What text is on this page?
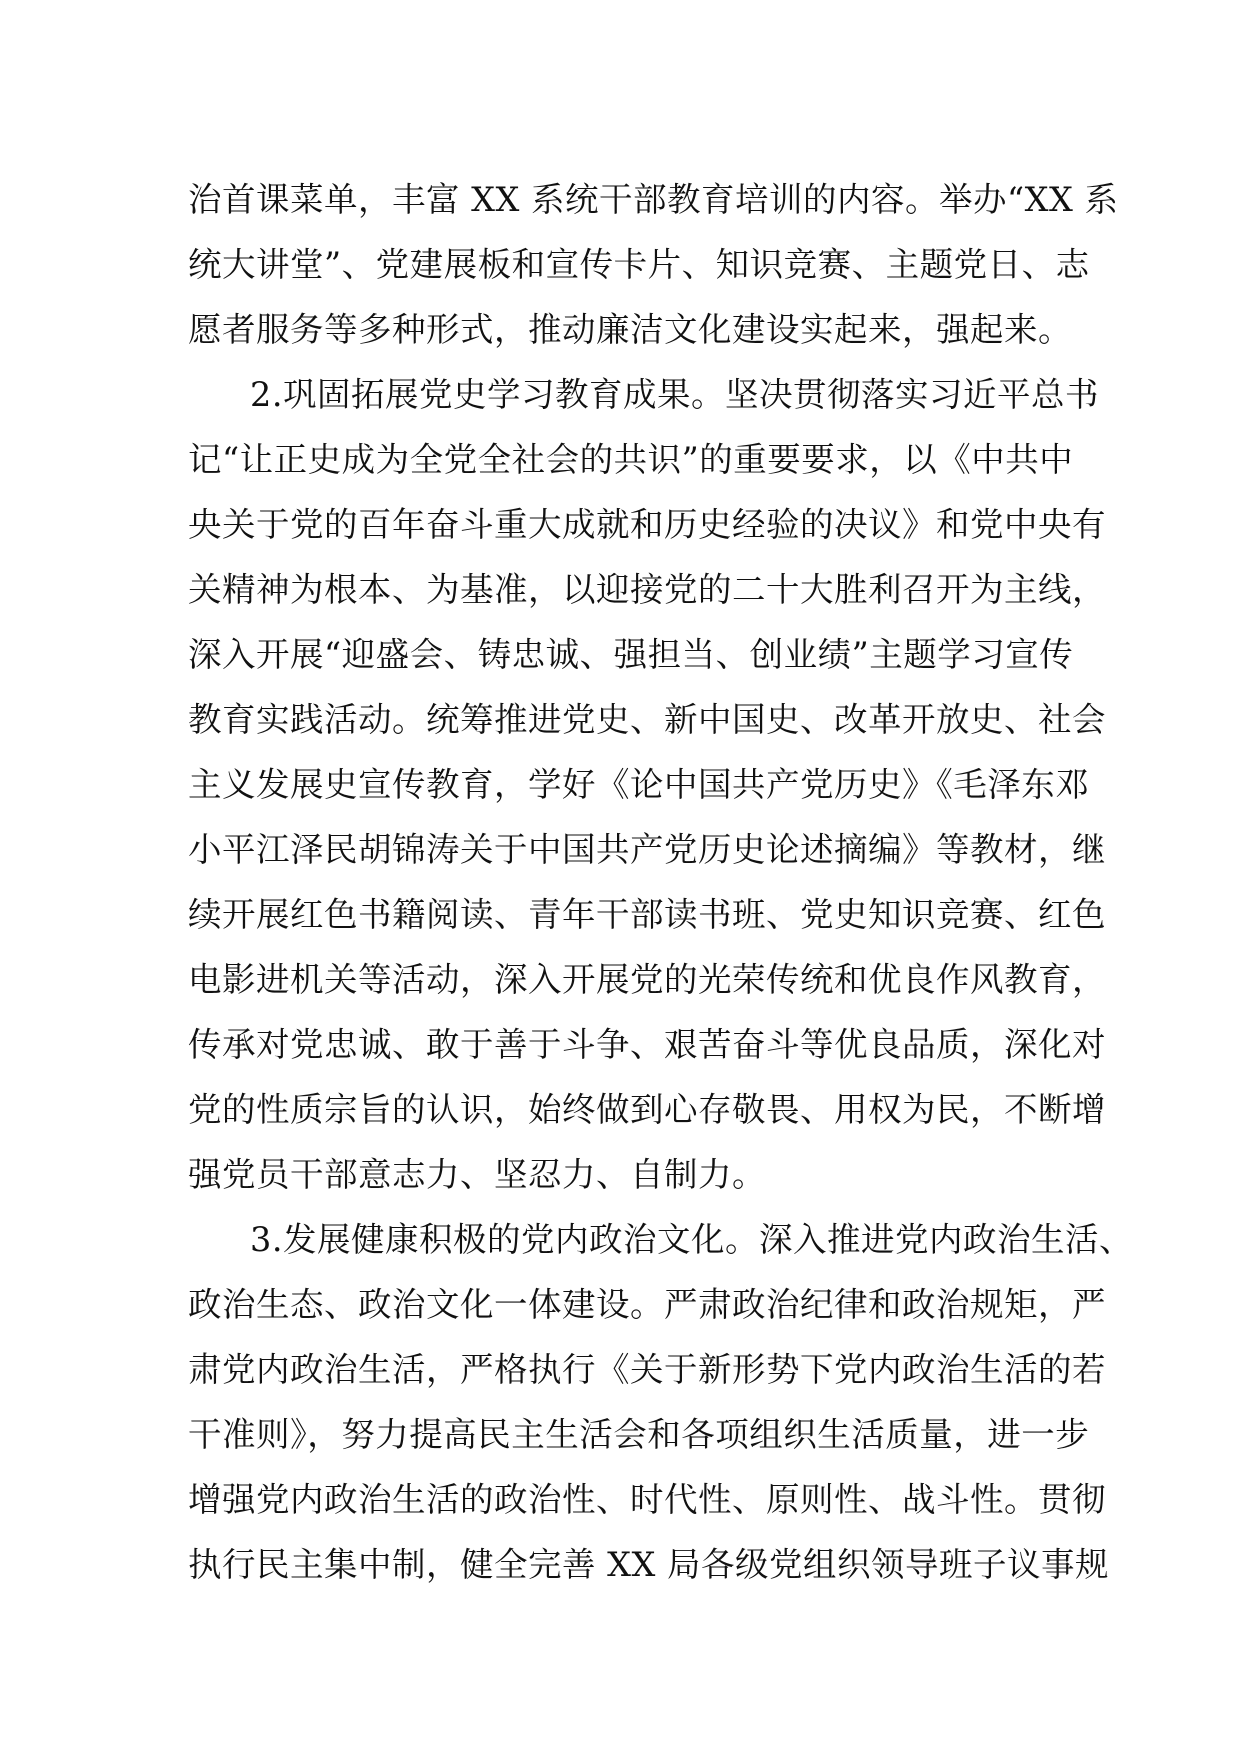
治首课菜单，丰富 XX 系统干部教育培训的内容。举办“XX 系
统大讲堂”、党建展板和宣传卡片、知识竞赛、主题党日、志
愿者服务等多种形式，推动廉洁文化建设实起来，强起来。
2.巩固拓展党史学习教育成果。坚决贯彻落实习近平总书
记“让正史成为全党全社会的共识”的重要要求，以《中共中
央关于党的百年奋斗重大成就和历史经验的决议》和党中央有
关精神为根本、为基准，以迎接党的二十大胜利召开为主线，
深入开展“迎盛会、铸忠诚、强担当、创业绩”主题学习宣传
教育实践活动。统筹推进党史、新中国史、改革开放史、社会
主义发展史宣传教育，学好《论中国共产党历史》《毛泽东邓
小平江泽民胡锦涛关于中国共产党历史论述摘编》等教材，继
续开展红色书籍阅读、青年干部读书班、党史知识竞赛、红色
电影进机关等活动，深入开展党的光荣传统和优良作风教育，
传承对党忠诚、敢于善于斗争、艰苦奋斗等优良品质，深化对
党的性质宗旨的认识，始终做到心存敬畏、用权为民，不断增
强党员干部意志力、坚忍力、自制力。
3.发展健康积极的党内政治文化。深入推进党内政治生活、
政治生态、政治文化一体建设。严肃政治纪律和政治规矩，严
肃党内政治生活，严格执行《关于新形势下党内政治生活的若
干准则》，努力提高民主生活会和各项组织生活质量，进一步
增强党内政治生活的政治性、时代性、原则性、战斗性。贯彻
执行民主集中制，健全完善 XX 局各级党组织领导班子议事规
